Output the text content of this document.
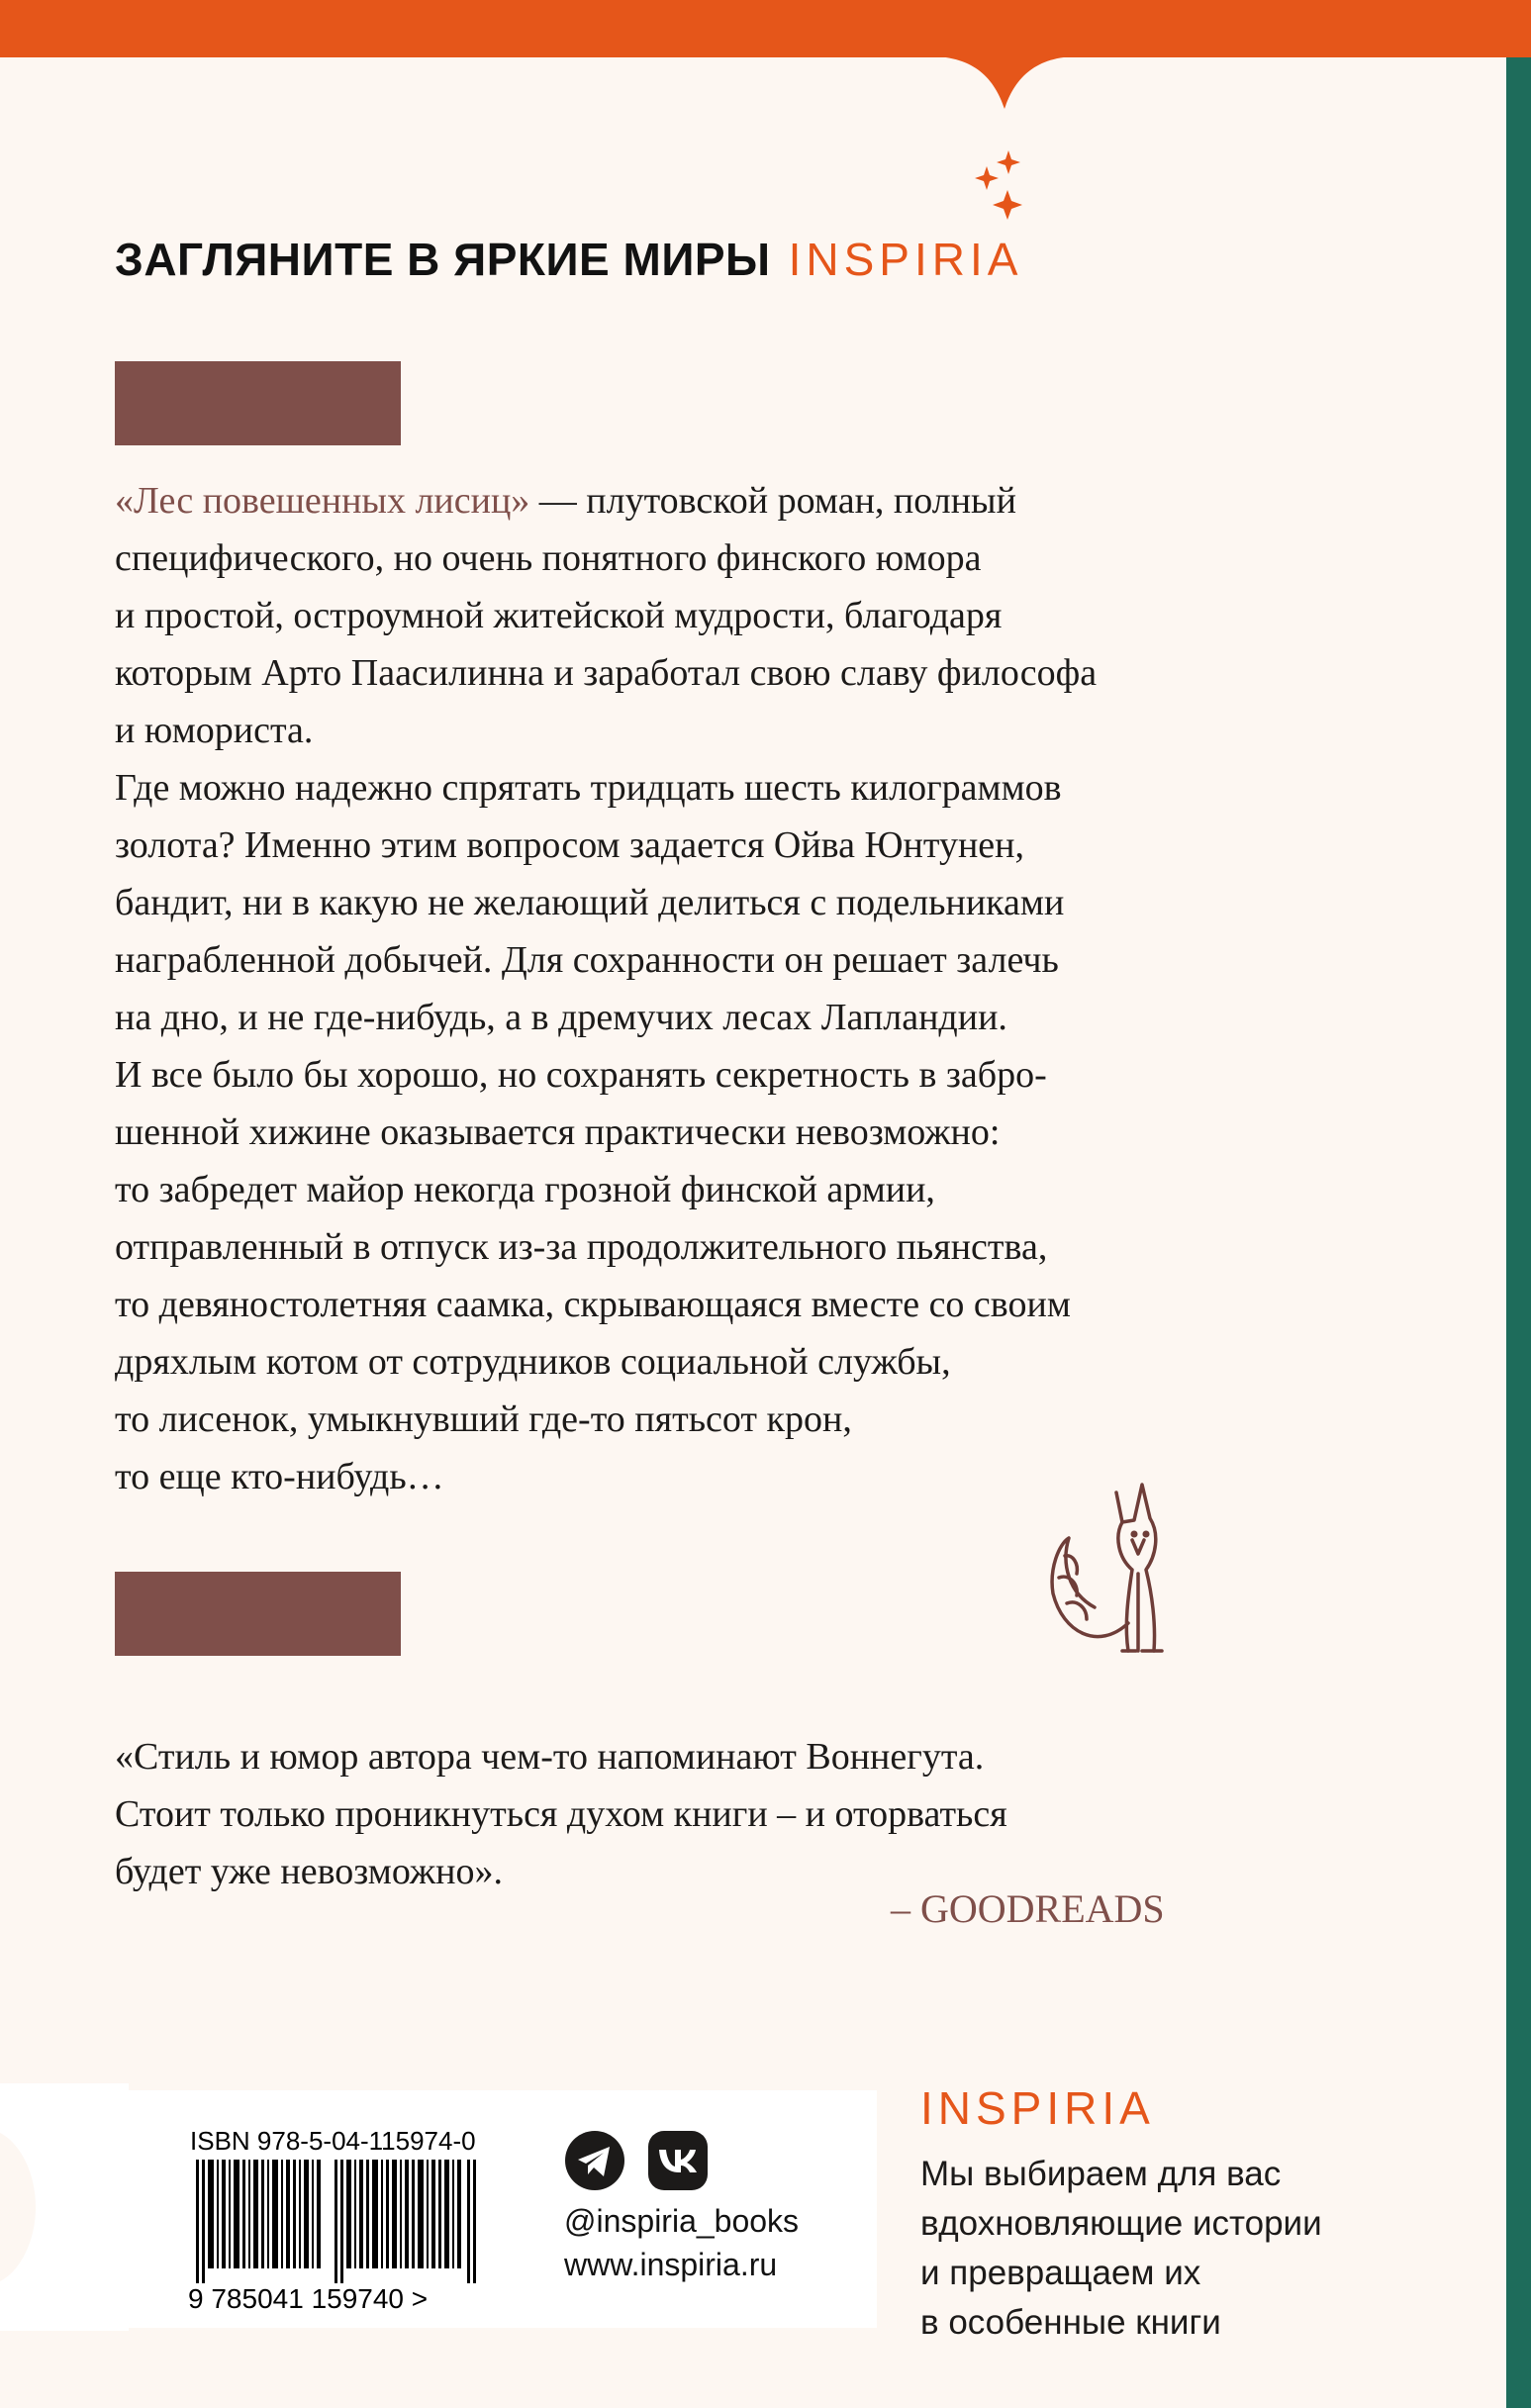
ЗАГЛЯНИТЕ В ЯРКИЕ МИРЫ INSPIRIA

«Лес повешенных лисиц» — плутовской роман, полный

специфического, но очень понятного финского юмора

и простой, остроумной житейской мудрости, благодаря

которым Арто Паасилинна и заработал свою славу философа

и юмориста.

Где можно надежно спрятать тридцать шесть килограммов

золота? Именно этим вопросом задается Ойва Юнтунен,

бандит, ни в какую не желающий делиться с подельниками

награбленной добычей. Для сохранности он решает залечь

на дно, и не где-нибудь, а в дремучих лесах Лапландии.

И все было бы хорошо, но сохранять секретность в забро-

шенной хижине оказывается практически невозможно:

то забредет майор некогда грозной финской армии,

отправленный в отпуск из-за продолжительного пьянства,

то девяностолетняя саамка, скрывающаяся вместе со своим

дряхлым котом от сотрудников социальной службы,

то лисенок, умыкнувший где-то пятьсот крон,

то еще кто-нибудь…

«Стиль и юмор автора чем-то напоминают Воннегута.

Стоит только проникнуться духом книги – и оторваться

будет уже невозможно».

– GOODREADS
ISBN 978-5-04-115974-0
9 785041 159740 >
@inspiria_books
www.inspiria.ru
INSPIRIA
Мы выбираем для вас
вдохновляющие истории
и превращаем их
в особенные книги
